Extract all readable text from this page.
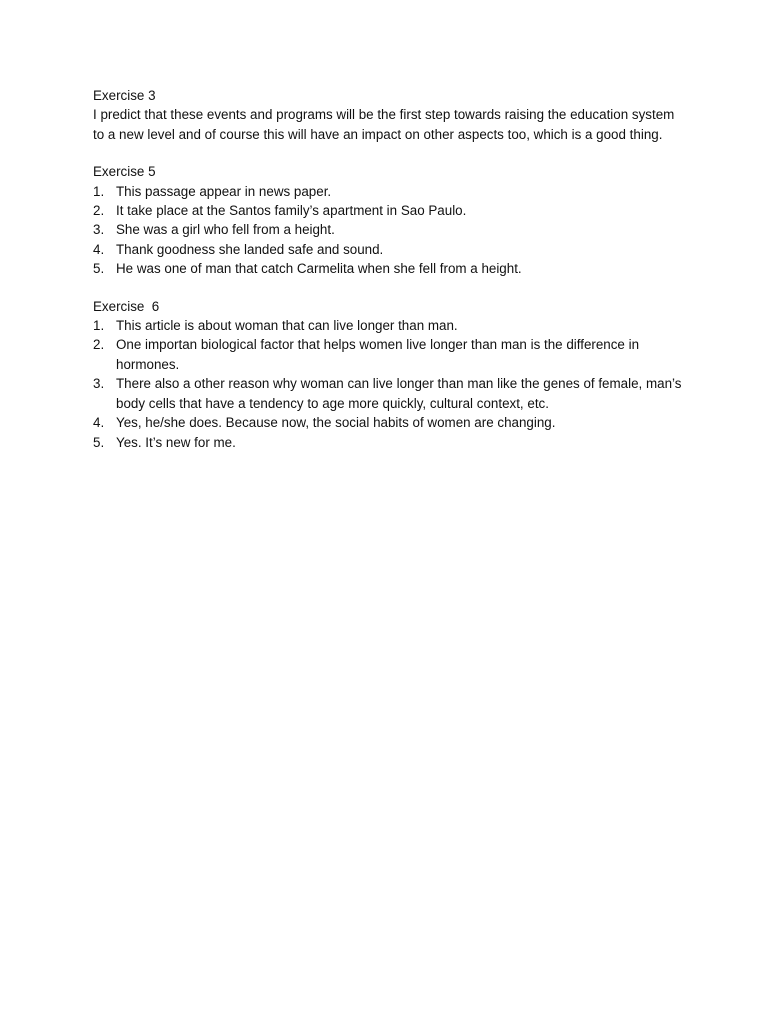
Exercise 3

I predict that these events and programs will be the first step towards raising the education system to a new level and of course this will have an impact on other aspects too, which is a good thing.

Exercise 5

1. This passage appear in news paper.
2. It take place at the Santos family’s apartment in Sao Paulo.
3. She was a girl who fell from a height.
4. Thank goodness she landed safe and sound.
5. He was one of man that catch Carmelita when she fell from a height.

Exercise  6

1. This article is about woman that can live longer than man.
2. One importan biological factor that helps women live longer than man is the difference in hormones.
3. There also a other reason why woman can live longer than man like the genes of female, man’s body cells that have a tendency to age more quickly, cultural context, etc.
4. Yes, he/she does. Because now, the social habits of women are changing.
5. Yes. It’s new for me.
